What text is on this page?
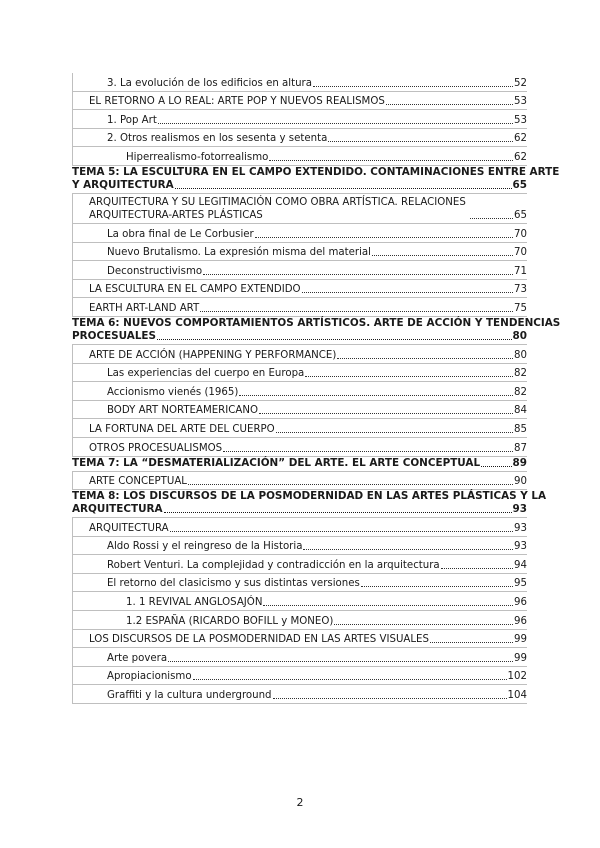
3. La evolución de los edificios en altura	52
EL RETORNO A LO REAL: ARTE POP Y NUEVOS REALISMOS	53
1. Pop Art	53
2. Otros realismos en los sesenta y setenta	62
Hiperrealismo-fotorrealismo	62
TEMA 5: LA ESCULTURA EN EL CAMPO EXTENDIDO. CONTAMINACIONES ENTRE ARTE
Y ARQUITECTURA	65
ARQUITECTURA Y SU LEGITIMACIÓN COMO OBRA ARTÍSTICA. RELACIONES ARQUITECTURA-ARTES PLÁSTICAS	65
La obra final de Le Corbusier	70
Nuevo Brutalismo. La expresión misma del material	70
Deconstructivismo	71
LA ESCULTURA EN EL CAMPO EXTENDIDO	73
EARTH ART-LAND ART	75
TEMA 6: NUEVOS COMPORTAMIENTOS ARTÍSTICOS. ARTE DE ACCIÓN Y TENDENCIAS
PROCESUALES	80
ARTE DE ACCIÓN (HAPPENING Y PERFORMANCE)	80
Las experiencias del cuerpo en Europa	82
Accionismo vienés (1965)	82
BODY ART NORTEAMERICANO	84
LA FORTUNA DEL ARTE DEL CUERPO	85
OTROS PROCESUALISMOS	87
TEMA 7: LA “DESMATERIALIZACIÓN” DEL ARTE. EL ARTE CONCEPTUAL	89
ARTE CONCEPTUAL	90
TEMA 8: LOS DISCURSOS DE LA POSMODERNIDAD EN LAS ARTES PLÁSTICAS Y LA
ARQUITECTURA	93
ARQUITECTURA	93
Aldo Rossi y el reingreso de la Historia	93
Robert Venturi. La complejidad y contradicción en la arquitectura	94
El retorno del clasicismo y sus distintas versiones	95
1. 1 REVIVAL ANGLOSAJÓN	96
1.2 ESPAÑA (RICARDO BOFILL y MONEO)	96
LOS DISCURSOS DE LA POSMODERNIDAD EN LAS ARTES VISUALES	99
Arte povera	99
Apropiacionismo	102
Graffiti y la cultura underground	104
2
